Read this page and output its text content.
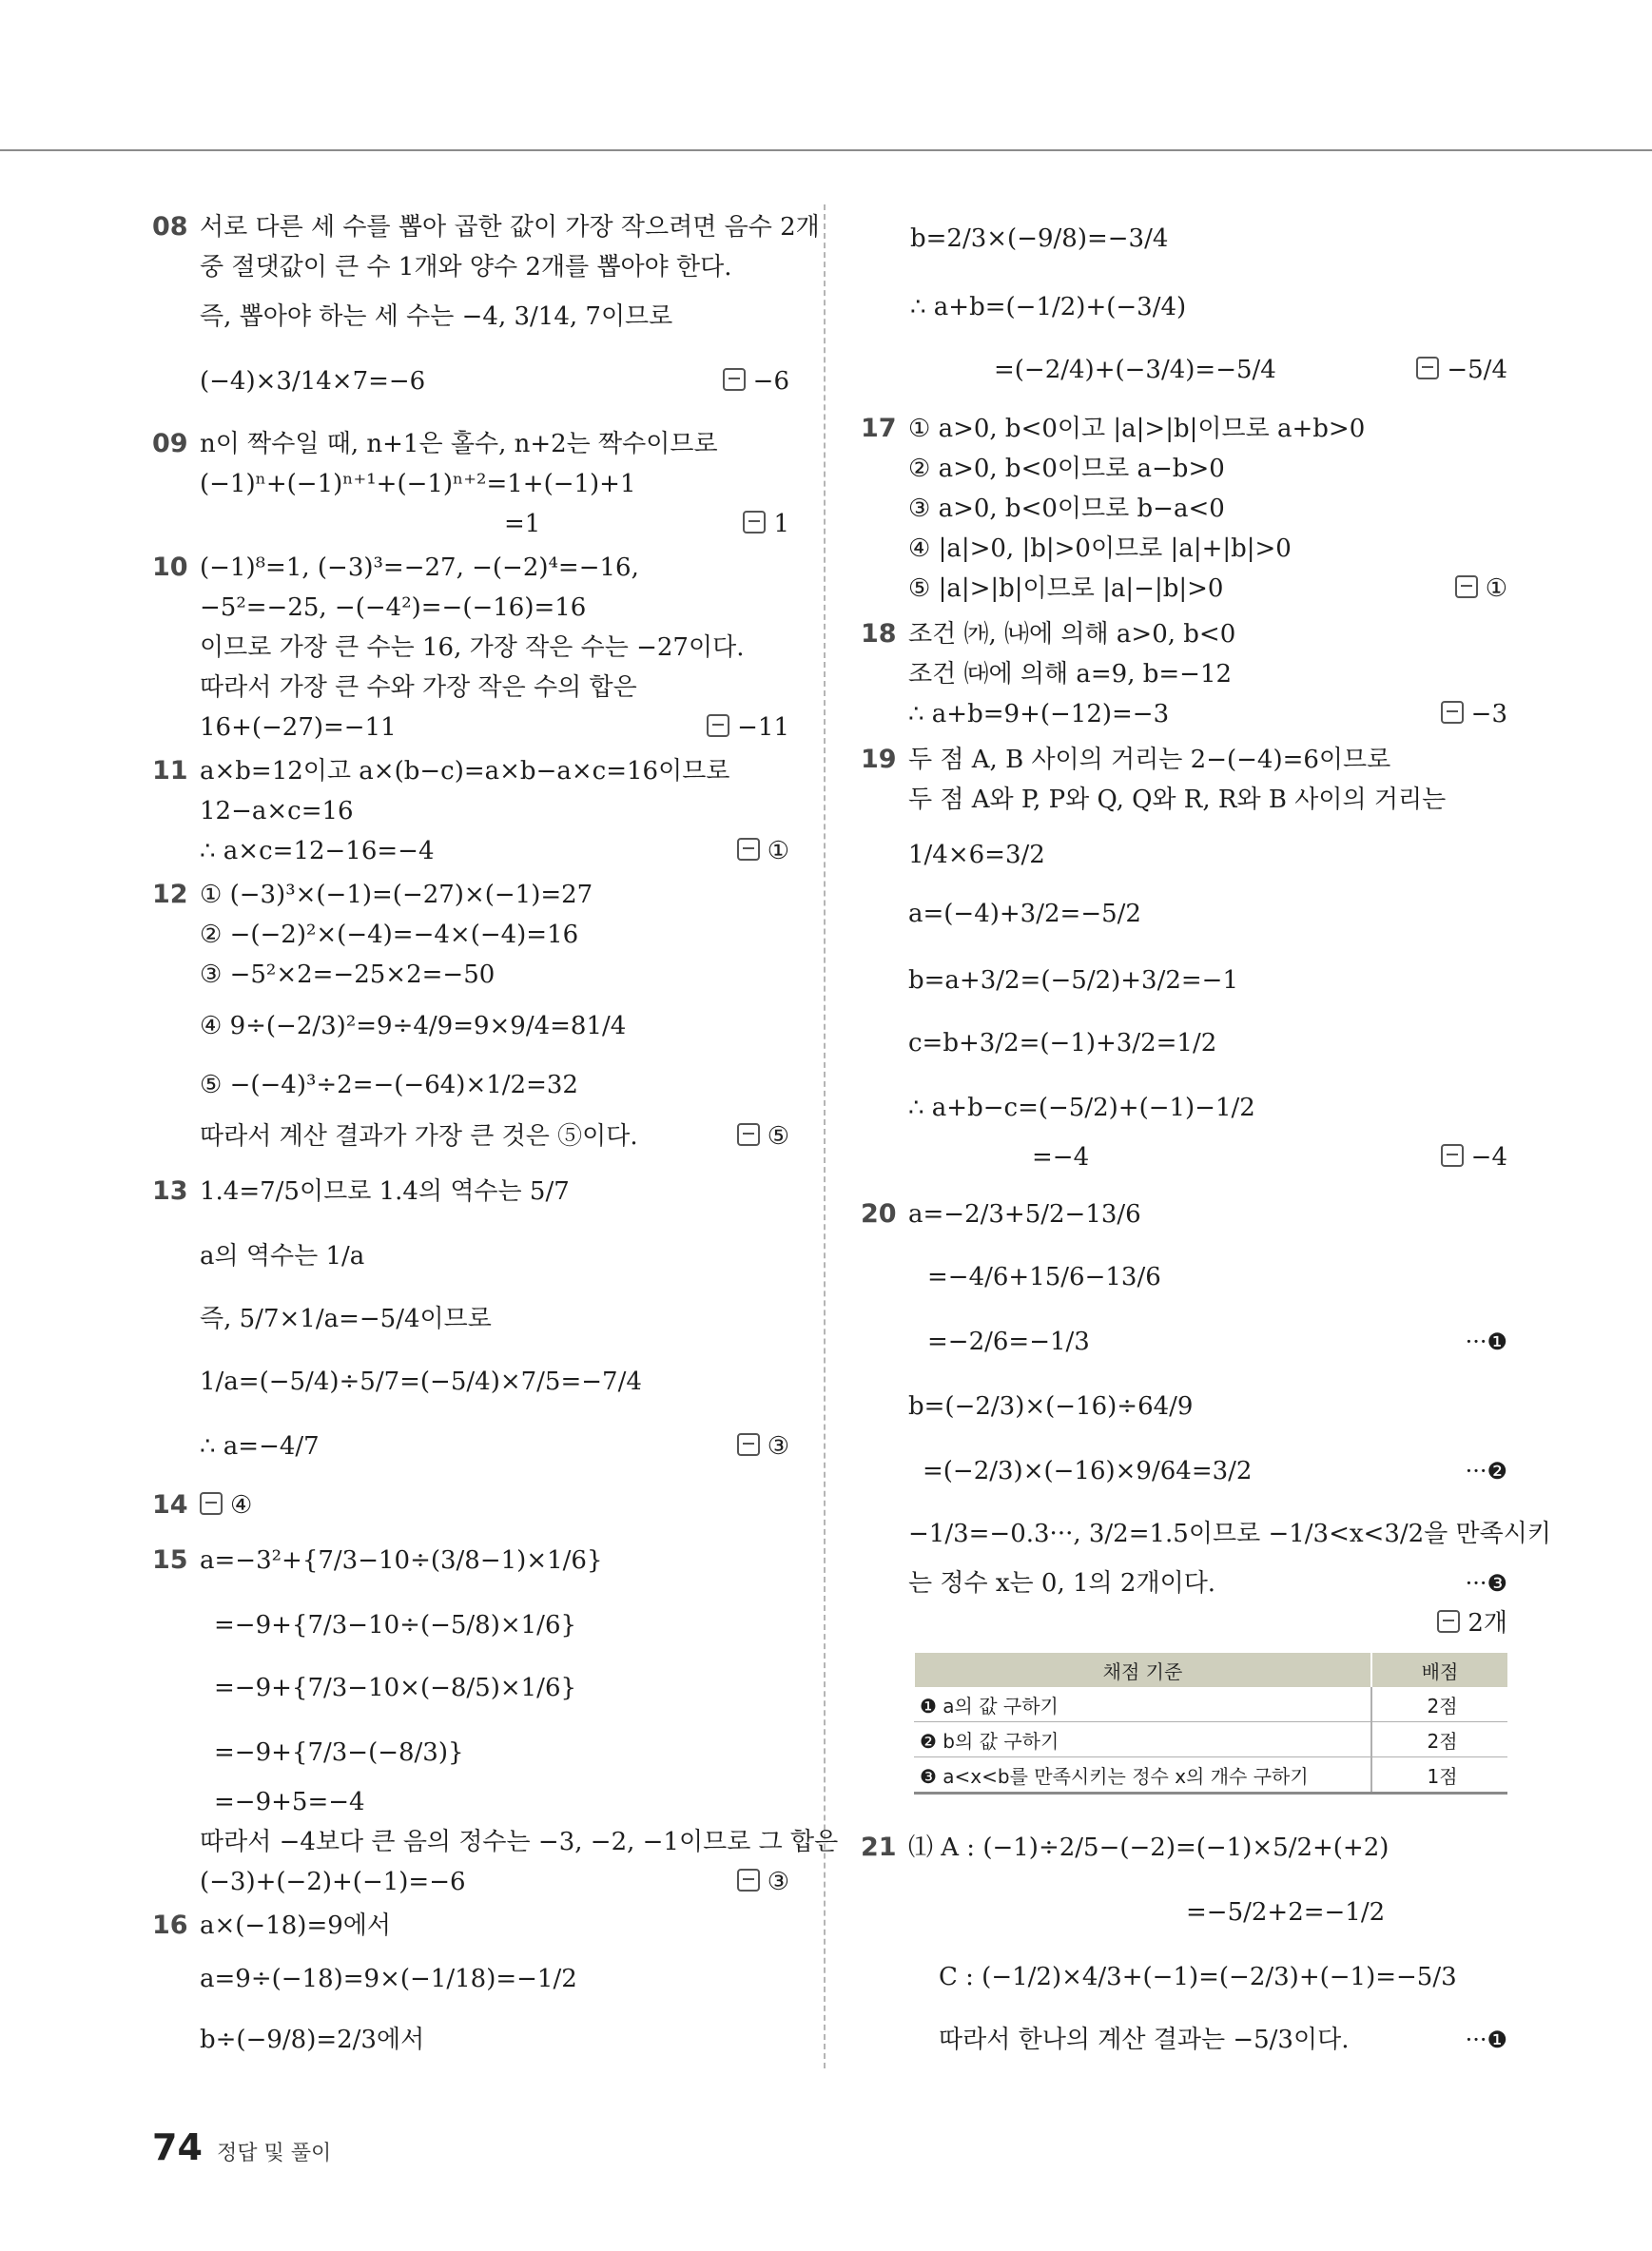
08 서로 다른 세 수를 뽑아 곱한 값이 가장 작으려면 음수 2개
중 절댓값이 큰 수 1개와 양수 2개를 뽑아야 한다.
즉, 뽑아야 하는 세 수는 −4, 3/14, 7이므로
(−4)×3/14×7=−6	−6
09 n이 짝수일 때, n+1은 홀수, n+2는 짝수이므로
(−1)ⁿ+(−1)ⁿ⁺¹+(−1)ⁿ⁺²=1+(−1)+1
=1	1
10 (−1)⁸=1, (−3)³=−27, −(−2)⁴=−16,
−5²=−25, −(−4²)=−(−16)=16
이므로 가장 큰 수는 16, 가장 작은 수는 −27이다.
따라서 가장 큰 수와 가장 작은 수의 합은
16+(−27)=−11	−11
11 a×b=12이고 a×(b−c)=a×b−a×c=16이므로
12−a×c=16
∴ a×c=12−16=−4	①
12 ① (−3)³×(−1)=(−27)×(−1)=27
② −(−2)²×(−4)=−4×(−4)=16
③ −5²×2=−25×2=−50
④ 9÷(−2/3)²=9÷4/9=9×9/4=81/4
⑤ −(−4)³÷2=−(−64)×1/2=32
따라서 계산 결과가 가장 큰 것은 ⑤이다.	⑤
13 1.4=7/5이므로 1.4의 역수는 5/7
a의 역수는 1/a
즉, 5/7×1/a=−5/4이므로
1/a=(−5/4)÷5/7=(−5/4)×7/5=−7/4
∴ a=−4/7	③
14	④
15 a=−3²+{7/3−10÷(3/8−1)×1/6}
=−9+{7/3−10÷(−5/8)×1/6}
=−9+{7/3−10×(−8/5)×1/6}
=−9+{7/3−(−8/3)}
=−9+5=−4
따라서 −4보다 큰 음의 정수는 −3, −2, −1이므로 그 합은
(−3)+(−2)+(−1)=−6	③
16 a×(−18)=9에서
a=9÷(−18)=9×(−1/18)=−1/2
b÷(−9/8)=2/3에서
b=2/3×(−9/8)=−3/4
∴ a+b=(−1/2)+(−3/4)
=(−2/4)+(−3/4)=−5/4	−5/4
17 ① a>0, b<0이고 |a|>|b|이므로 a+b>0
② a>0, b<0이므로 a−b>0
③ a>0, b<0이므로 b−a<0
④ |a|>0, |b|>0이므로 |a|+|b|>0
⑤ |a|>|b|이므로 |a|−|b|>0	①
18 조건 ㈎, ㈏에 의해 a>0, b<0
조건 ㈐에 의해 a=9, b=−12
∴ a+b=9+(−12)=−3	−3
19 두 점 A, B 사이의 거리는 2−(−4)=6이므로
두 점 A와 P, P와 Q, Q와 R, R와 B 사이의 거리는
1/4×6=3/2
a=(−4)+3/2=−5/2
b=a+3/2=(−5/2)+3/2=−1
c=b+3/2=(−1)+3/2=1/2
∴ a+b−c=(−5/2)+(−1)−1/2
=−4	−4
20 a=−2/3+5/2−13/6
=−4/6+15/6−13/6
=−2/6=−1/3	···❶
b=(−2/3)×(−16)÷64/9
=(−2/3)×(−16)×9/64=3/2	···❷
−1/3=−0.3···, 3/2=1.5이므로 −1/3<x<3/2을 만족시키
는 정수 x는 0, 1의 2개이다.	···❸
2개
채점 기준	배점
❶ a의 값 구하기	2점
❷ b의 값 구하기	2점
❸ a<x<b를 만족시키는 정수 x의 개수 구하기	1점
21 ⑴ A : (−1)÷2/5−(−2)=(−1)×5/2+(+2)
=−5/2+2=−1/2
C : (−1/2)×4/3+(−1)=(−2/3)+(−1)=−5/3
따라서 한나의 계산 결과는 −5/3이다.	···❶
74 정답 및 풀이
